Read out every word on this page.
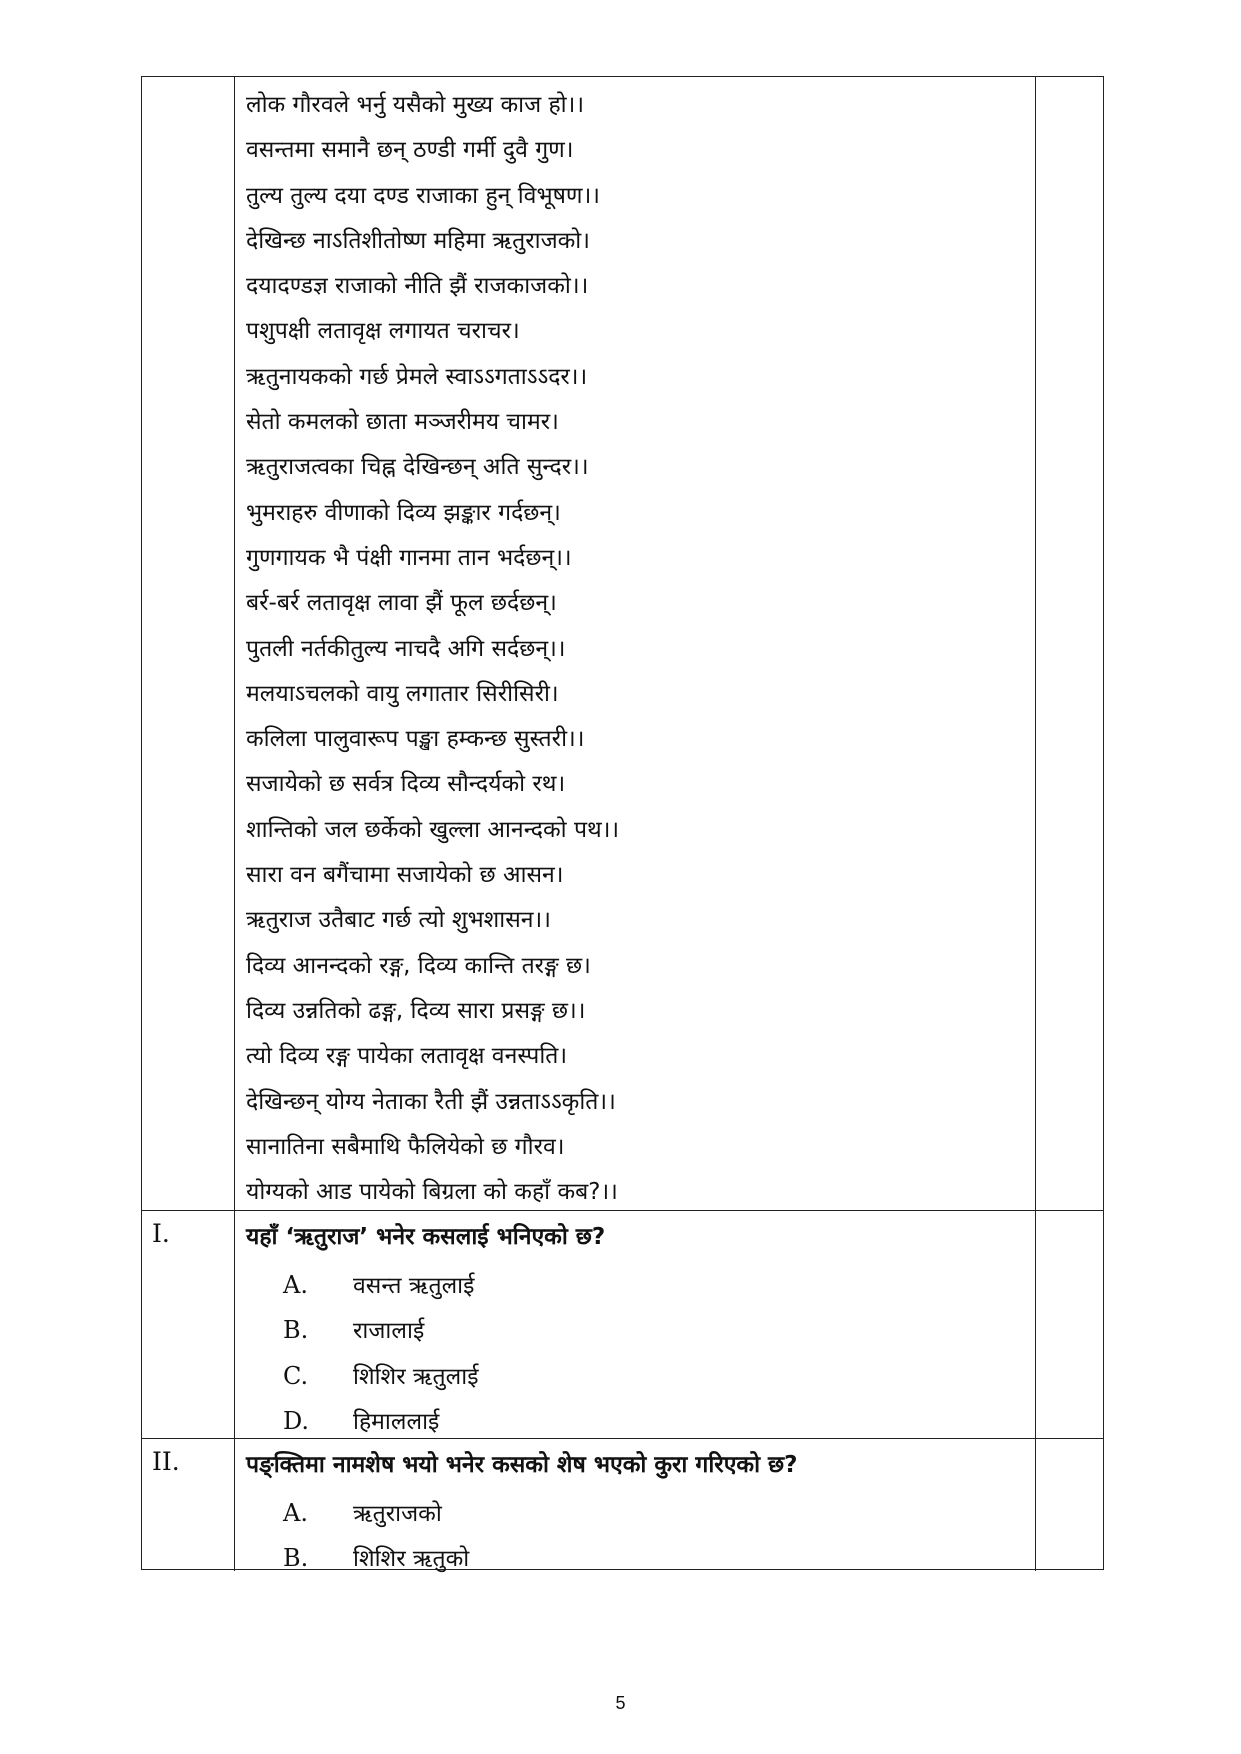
लोक गौरवले भर्नु यसैको मुख्य काज हो।।
वसन्तमा समानै छन् ठण्डी गर्मी दुवै गुण।
तुल्य तुल्य दया दण्ड राजाका हुन् विभूषण।।
देखिन्छ नाऽतिशीतोष्ण महिमा ऋतुराजको।
दयादण्डज्ञ राजाको नीति झैं राजकाजको।।
पशुपक्षी लतावृक्ष लगायत चराचर।
ऋतुनायकको गर्छ प्रेमले स्वाऽऽगताऽऽदर।।
सेतो कमलको छाता मञ्जरीमय चामर।
ऋतुराजत्वका चिह्न देखिन्छन् अति सुन्दर।।
भुमराहरु वीणाको दिव्य झङ्कार गर्दछन्।
गुणगायक भै पंक्षी गानमा तान भर्दछन्।।
बर्र-बर्र लतावृक्ष लावा झैं फूल छर्दछन्।
पुतली नर्तकीतुल्य नाचदै अगि सर्दछन्।।
मलयाऽचलको वायु लगातार सिरीसिरी।
कलिला पालुवारूप पङ्खा हम्कन्छ सुस्तरी।।
सजायेको छ सर्वत्र दिव्य सौन्दर्यको रथ।
शान्तिको जल छर्केको खुल्ला आनन्दको पथ।।
सारा वन बगैंचामा सजायेको छ आसन।
ऋतुराज उतैबाट गर्छ त्यो शुभशासन।।
दिव्य आनन्दको रङ्ग, दिव्य कान्ति तरङ्ग छ।
दिव्य उन्नतिको ढङ्ग, दिव्य सारा प्रसङ्ग छ।।
त्यो दिव्य रङ्ग पायेका लतावृक्ष वनस्पति।
देखिन्छन् योग्य नेताका रैती झैं उन्नताऽऽकृति।।
सानातिना सबैमाथि फैलियेको छ गौरव।
योग्यको आड पायेको बिग्रला को कहाँ कब?।।
I.	यहाँ ‘ऋतुराज’ भनेर कसलाई भनिएको छ?
A. वसन्त ऋतुलाई
B. राजालाई
C. शिशिर ऋतुलाई
D. हिमाललाई
II.	पङ्क्तिमा नामशेष भयो भनेर कसको शेष भएको कुरा गरिएको छ?
A. ऋतुराजको
B. शिशिर ऋतुको
5
